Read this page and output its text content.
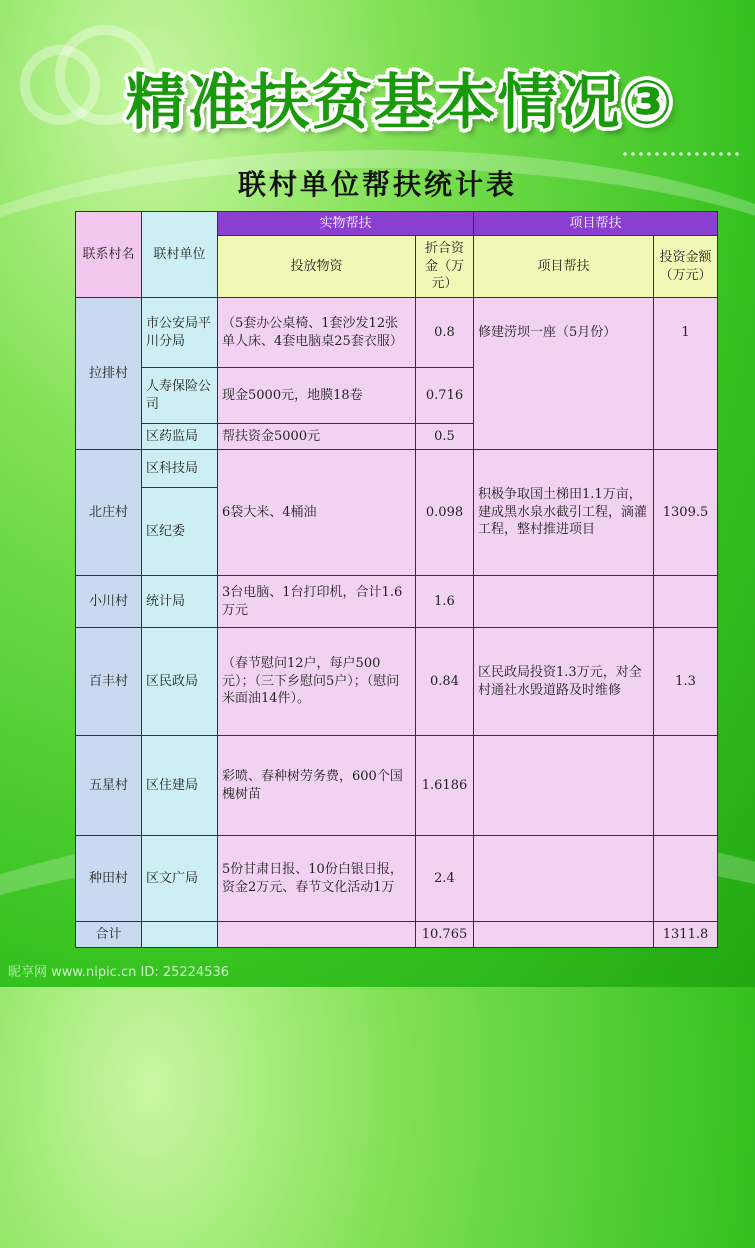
精准扶贫基本情况③
联村单位帮扶统计表
联系村名	联村单位	实物帮扶		项目帮扶	
		投放物资	折合资金（万元）	项目帮扶	投资金额（万元）
拉排村	市公安局平川分局	（5套办公桌椅、1套沙发12张单人床、4套电脑桌25套衣服）	0.8	修建涝坝一座（5月份）	1
	人寿保险公司	现金5000元，地膜18卷	0.716		
	区药监局	帮扶资金5000元	0.5		
北庄村	区科技局	6袋大米、4桶油	0.098	积极争取国土梯田1.1万亩，建成黑水泉水截引工程，滴灌工程，整村推进项目	1309.5
	区纪委				
小川村	统计局	3台电脑、1台打印机，合计1.6万元	1.6		
百丰村	区民政局	（春节慰问12户，每户500元）；（三下乡慰问5户）；（慰问米面油14件）。	0.84	区民政局投资1.3万元，对全村通社水毁道路及时维修	1.3
五星村	区住建局	彩喷、春种树劳务费，600个国槐树苗	1.6186		
种田村	区文广局	5份甘肃日报、10份白银日报，资金2万元、春节文化活动1万	2.4		
合计			10.765		1311.8
昵享网 www.nipic.cn ID: 25224536
